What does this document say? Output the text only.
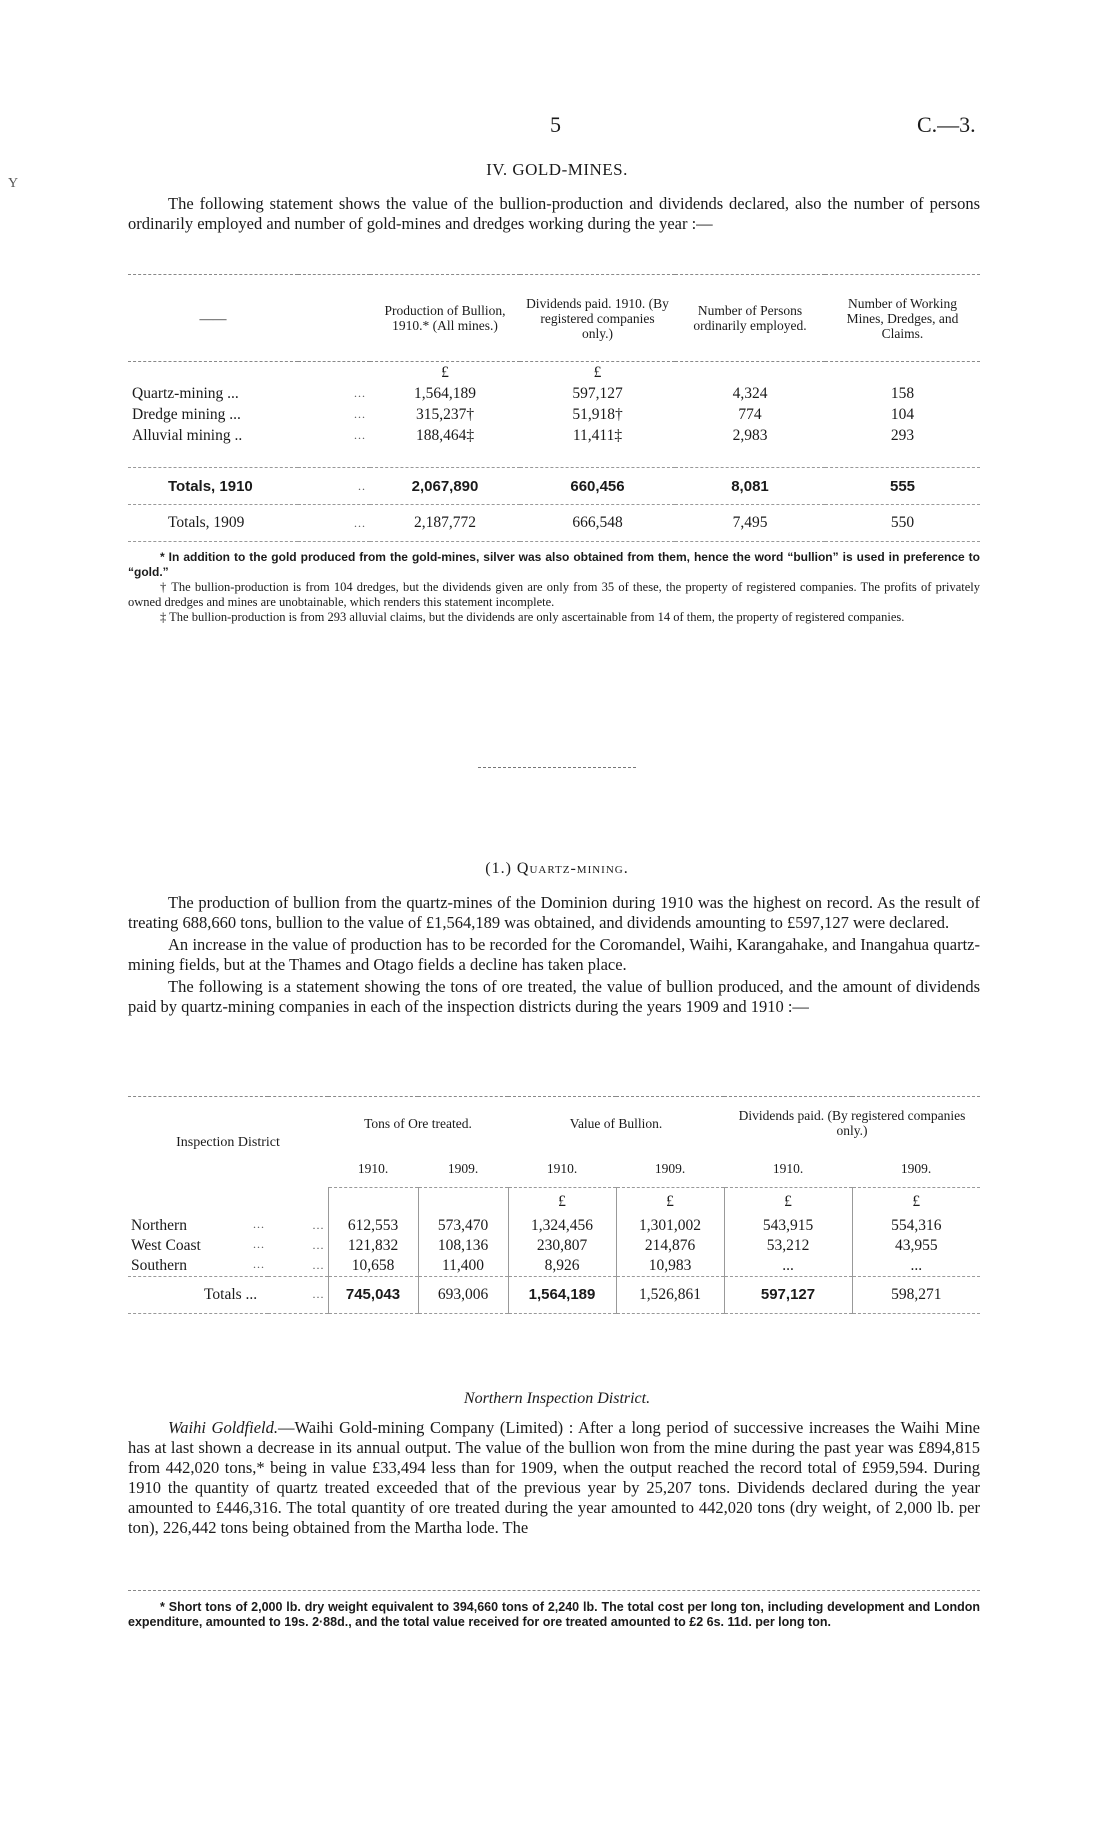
Y
5	C.—3.
IV. GOLD-MINES.

The following statement shows the value of the bullion-production and dividends declared, also the number of persons ordinarily employed and number of gold-mines and dredges working during the year :—

——		Production of Bullion, 1910.* (All mines.)	Dividends paid. 1910. (By registered companies only.)	Number of Persons ordinarily employed.	Number of Working Mines, Dredges, and Claims.
		£	£		
Quartz-mining ...	...	1,564,189	597,127	4,324	158
Dredge mining ...	...	315,237†	51,918†	774	104
Alluvial mining ..	...	188,464‡	11,411‡	2,983	293

Totals, 1910	..	2,067,890	660,456	8,081	555
Totals, 1909	...	2,187,772	666,548	7,495	550

* In addition to the gold produced from the gold-mines, silver was also obtained from them, hence the word “bullion” is used in preference to “gold.”

† The bullion-production is from 104 dredges, but the dividends given are only from 35 of these, the property of registered companies. The profits of privately owned dredges and mines are unobtainable, which renders this statement incomplete.

‡ The bullion-production is from 293 alluvial claims, but the dividends are only ascertainable from 14 of them, the property of registered companies.

(1.) Quartz-mining.

The production of bullion from the quartz-mines of the Dominion during 1910 was the highest on record. As the result of treating 688,660 tons, bullion to the value of £1,564,189 was obtained, and dividends amounting to £597,127 were declared.

An increase in the value of production has to be recorded for the Coromandel, Waihi, Karangahake, and Inangahua quartz-mining fields, but at the Thames and Otago fields a decline has taken place.

The following is a statement showing the tons of ore treated, the value of bullion produced, and the amount of dividends paid by quartz-mining companies in each of the inspection districts during the years 1909 and 1910 :—

Inspection District		Tons of Ore treated.		Value of Bullion.		Dividends paid. (By registered companies only.)	
		1910.	1909.	1910.	1909.	1910.	1909.
				£	£	£	£
Northern ...	...	612,553	573,470	1,324,456	1,301,002	543,915	554,316
West Coast ...	...	121,832	108,136	230,807	214,876	53,212	43,955
Southern ...	...	10,658	11,400	8,926	10,983	...	...
Totals ...	...	745,043	693,006	1,564,189	1,526,861	597,127	598,271
Northern Inspection District.

Waihi Goldfield.—Waihi Gold-mining Company (Limited) : After a long period of successive increases the Waihi Mine has at last shown a decrease in its annual output. The value of the bullion won from the mine during the past year was £894,815 from 442,020 tons,* being in value £33,494 less than for 1909, when the output reached the record total of £959,594. During 1910 the quantity of quartz treated exceeded that of the previous year by 25,207 tons. Dividends declared during the year amounted to £446,316. The total quantity of ore treated during the year amounted to 442,020 tons (dry weight, of 2,000 lb. per ton), 226,442 tons being obtained from the Martha lode. The

* Short tons of 2,000 lb. dry weight equivalent to 394,660 tons of 2,240 lb. The total cost per long ton, including development and London expenditure, amounted to 19s. 2·88d., and the total value received for ore treated amounted to £2 6s. 11d. per long ton.
